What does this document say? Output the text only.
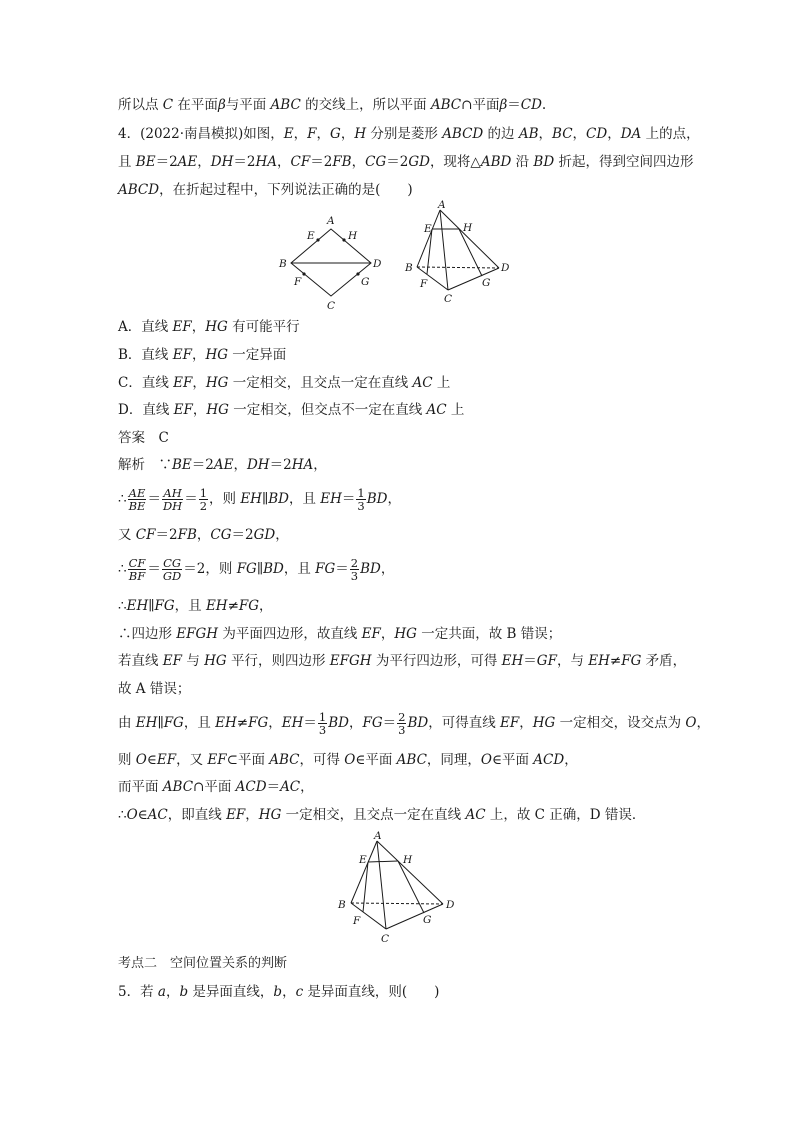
所以点 C 在平面β与平面 ABC 的交线上，所以平面 ABC∩平面β＝CD.
4．(2022·南昌模拟)如图，E，F，G，H 分别是菱形 ABCD 的边 AB，BC，CD，DA 上的点，
且 BE＝2AE，DH＝2HA，CF＝2FB，CG＝2GD，现将△ABD 沿 BD 折起，得到空间四边形
ABCD，在折起过程中，下列说法正确的是(　　)
A
B
C
D
E	H
F	G
A
E	H
B	D
F	G
C
A．直线 EF，HG 有可能平行
B．直线 EF，HG 一定异面
C．直线 EF，HG 一定相交，且交点一定在直线 AC 上
D．直线 EF，HG 一定相交，但交点不一定在直线 AC 上
答案　 C
解析　∵BE＝2AE，DH＝2HA，
∴ $\frac{AE}{BE} = \frac{AH}{DH} = \frac{1}{2}$ ，则 EH∥BD，且 $EH= \frac{1}{3}$ BD，
又 CF＝2FB，CG＝2GD，
∴ $\frac{CF}{BF} = \frac{CG}{GD} =2$，则 FG∥BD，且 $FG= \frac{2}{3}$ BD，
∴EH∥FG，且 EH≠FG，
∴四边形 EFGH 为平面四边形，故直线 EF，HG 一定共面，故 B 错误；
若直线 EF 与 HG 平行，则四边形 EFGH 为平行四边形，可得 EH＝GF，与 EH≠FG 矛盾，
故 A 错误；
由 EH∥FG，且 EH≠FG，$EH= \frac{1}{3}$ BD，$FG= \frac{2}{3}$ BD，可得直线 EF，HG 一定相交，设交点为 O，
则 O∈EF，又 EF⊂平面 ABC，可得 O∈平面 ABC，同理，O∈平面 ACD，
而平面 ABC∩平面 ACD＝AC，
∴O∈AC，即直线 EF，HG 一定相交，且交点一定在直线 AC 上，故 C 正确，D 错误．
A
E	H
B	D
F	G
C
考点二　空间位置关系的判断
5．若 a，b 是异面直线，b，c 是异面直线，则(　　)
